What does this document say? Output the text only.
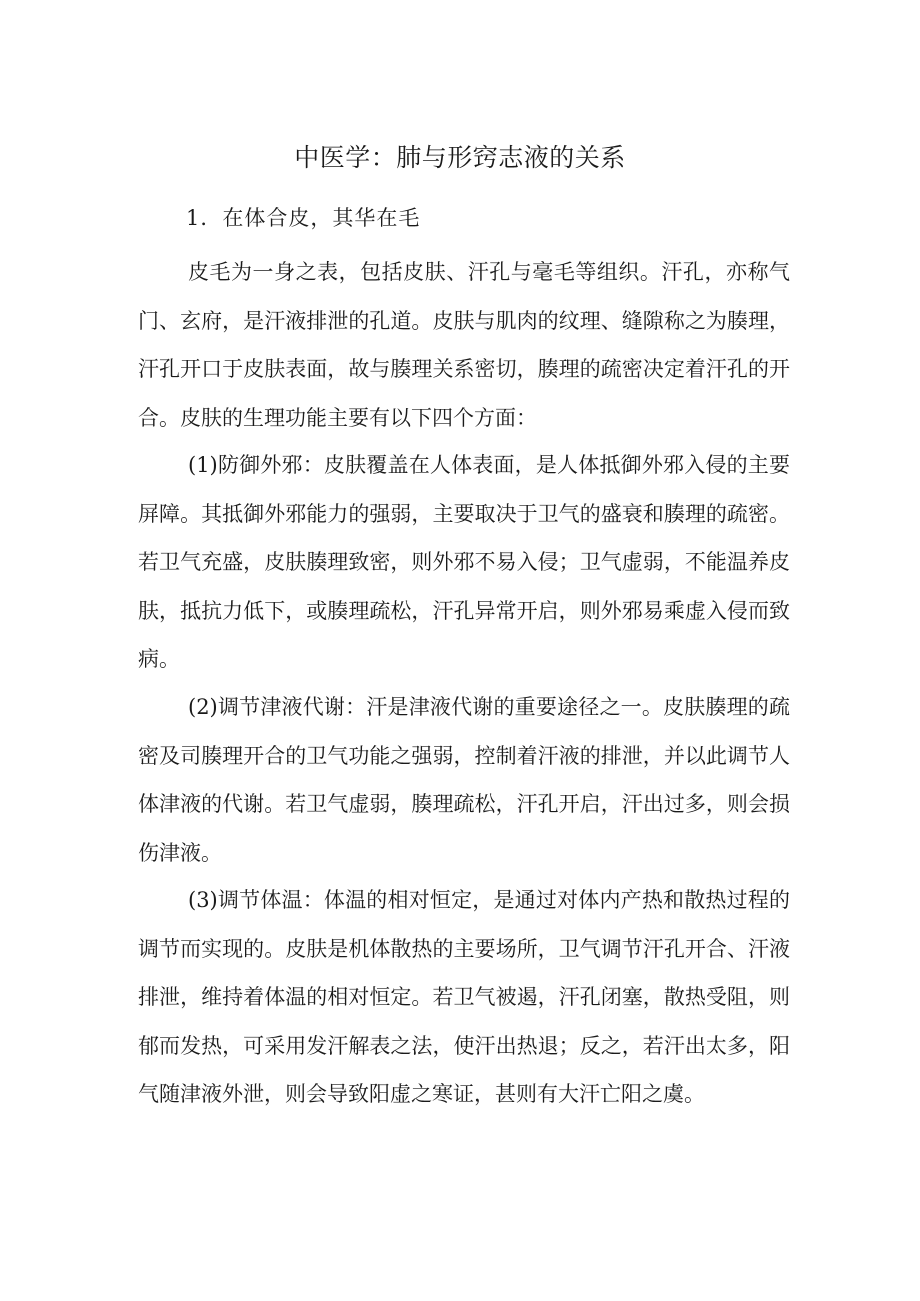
中医学：肺与形窍志液的关系
1．在体合皮，其华在毛

皮毛为一身之表，包括皮肤、汗孔与毫毛等组织。汗孔，亦称气门、玄府，是汗液排泄的孔道。皮肤与肌肉的纹理、缝隙称之为腠理，汗孔开口于皮肤表面，故与腠理关系密切，腠理的疏密决定着汗孔的开合。皮肤的生理功能主要有以下四个方面：

(1)防御外邪：皮肤覆盖在人体表面，是人体抵御外邪入侵的主要屏障。其抵御外邪能力的强弱，主要取决于卫气的盛衰和腠理的疏密。若卫气充盛，皮肤腠理致密，则外邪不易入侵；卫气虚弱，不能温养皮肤，抵抗力低下，或腠理疏松，汗孔异常开启，则外邪易乘虚入侵而致病。

(2)调节津液代谢：汗是津液代谢的重要途径之一。皮肤腠理的疏密及司腠理开合的卫气功能之强弱，控制着汗液的排泄，并以此调节人体津液的代谢。若卫气虚弱，腠理疏松，汗孔开启，汗出过多，则会损伤津液。

(3)调节体温：体温的相对恒定，是通过对体内产热和散热过程的调节而实现的。皮肤是机体散热的主要场所，卫气调节汗孔开合、汗液排泄，维持着体温的相对恒定。若卫气被遏，汗孔闭塞，散热受阻，则郁而发热，可采用发汗解表之法，使汗出热退；反之，若汗出太多，阳气随津液外泄，则会导致阳虚之寒证，甚则有大汗亡阳之虞。
